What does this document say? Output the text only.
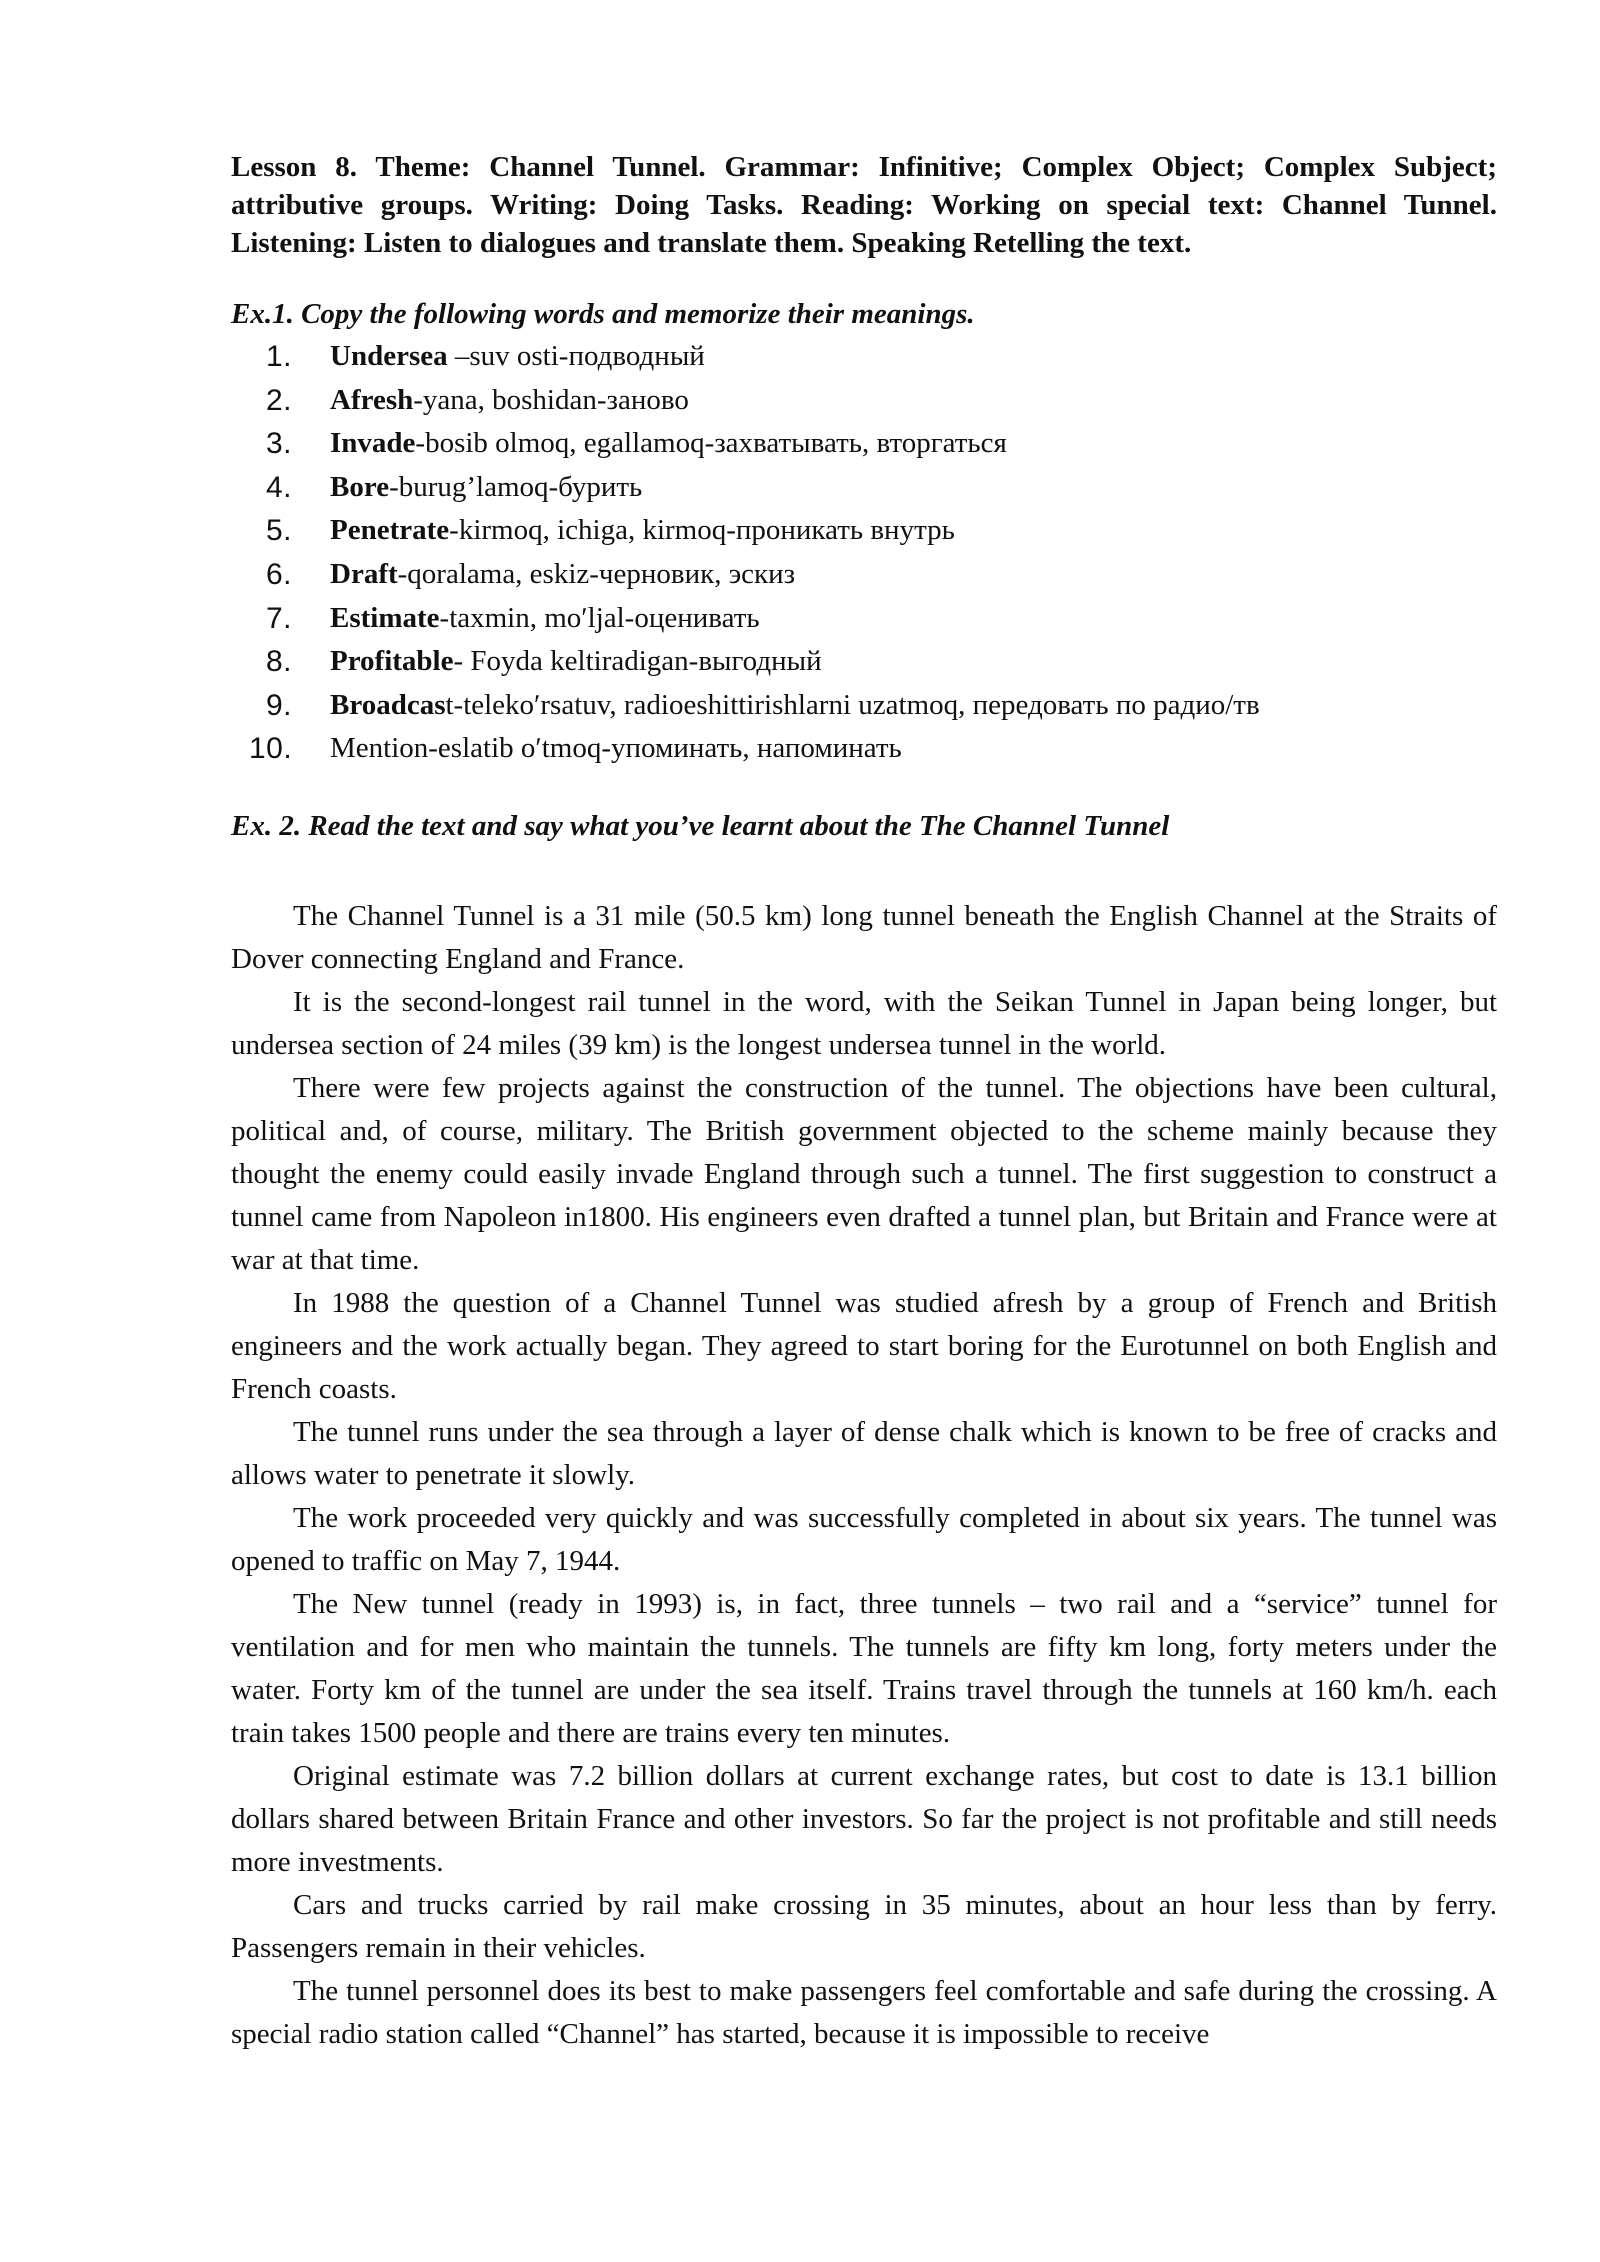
Lesson 8. Theme: Channel Tunnel. Grammar: Infinitive; Complex Object; Complex Subject; attributive groups. Writing: Doing Tasks. Reading: Working on special text: Channel Tunnel. Listening: Listen to dialogues and translate them. Speaking Retelling the text.

Ex.1. Copy the following words and memorize their meanings.

1. Undersea –suv osti-подводный
2. Afresh-yana, boshidan-заново
3. Invade-bosib olmoq, egallamoq-захватывать, вторгаться
4. Bore-burug’lamoq-бурить
5. Penetrate-kirmoq, ichiga, kirmoq-проникать внутрь
6. Draft-qoralama, eskiz-черновик, эскиз
7. Estimate-taxmin, moʹljal-оценивать
8. Profitable- Foyda keltiradigan-выгодный
9. Broadcast-telekoʹrsatuv, radioeshittirishlarni uzatmoq, передовать по радио/тв
10. Mention-eslatib oʹtmoq-упоминать, напоминать

Ex. 2. Read the text and say what you’ve learnt about the The Channel Tunnel

The Channel Tunnel is a 31 mile (50.5 km) long tunnel beneath the English Channel at the Straits of Dover connecting England and France.

It is the second-longest rail tunnel in the word, with the Seikan Tunnel in Japan being longer, but undersea section of 24 miles (39 km) is the longest undersea tunnel in the world.

There were few projects against the construction of the tunnel. The objections have been cultural, political and, of course, military. The British government objected to the scheme mainly because they thought the enemy could easily invade England through such a tunnel. The first suggestion to construct a tunnel came from Napoleon in1800. His engineers even drafted a tunnel plan, but Britain and France were at war at that time.

In 1988 the question of a Channel Tunnel was studied afresh by a group of French and British engineers and the work actually began. They agreed to start boring for the Eurotunnel on both English and French coasts.

The tunnel runs under the sea through a layer of dense chalk which is known to be free of cracks and allows water to penetrate it slowly.

The work proceeded very quickly and was successfully completed in about six years. The tunnel was opened to traffic on May 7, 1944.

The New tunnel (ready in 1993) is, in fact, three tunnels – two rail and a “service” tunnel for ventilation and for men who maintain the tunnels. The tunnels are fifty km long, forty meters under the water. Forty km of the tunnel are under the sea itself. Trains travel through the tunnels at 160 km/h. each train takes 1500 people and there are trains every ten minutes.

Original estimate was 7.2 billion dollars at current exchange rates, but cost to date is 13.1 billion dollars shared between Britain France and other investors. So far the project is not profitable and still needs more investments.

Cars and trucks carried by rail make crossing in 35 minutes, about an hour less than by ferry. Passengers remain in their vehicles.

The tunnel personnel does its best to make passengers feel comfortable and safe during the crossing. A special radio station called “Channel” has started, because it is impossible to receive
